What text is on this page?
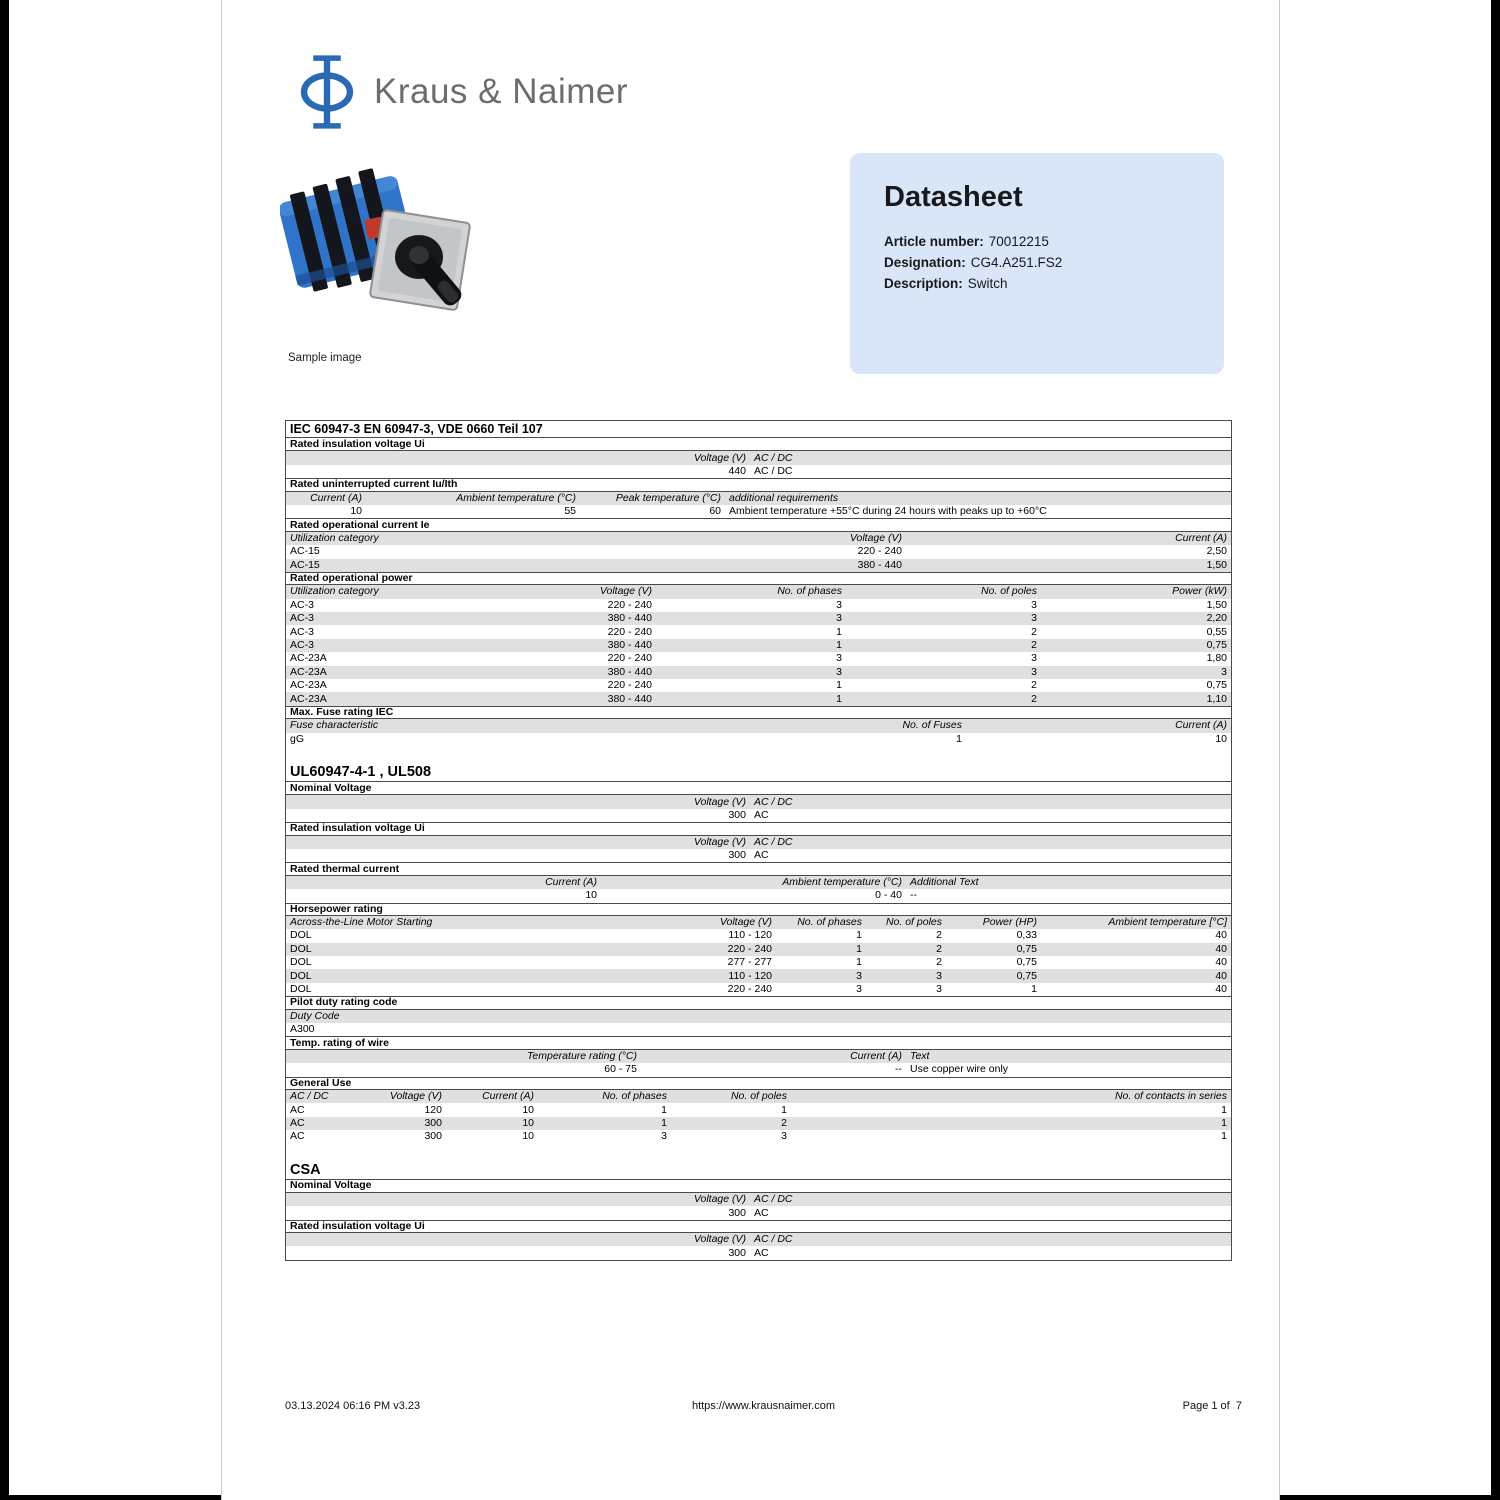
Kraus & Naimer
Sample image
Datasheet
Article number: 70012215
Designation: CG4.A251.FS2
Description: Switch
IEC 60947-3 EN 60947-3, VDE 0660 Teil 107
Rated insulation voltage Ui
Voltage (V) AC / DC
440 AC / DC
Rated uninterrupted current Iu/Ith
Current (A)	Ambient temperature (°C)	Peak temperature (°C) additional requirements
10	55	60 Ambient temperature +55°C during 24 hours with peaks up to +60°C
Rated operational current Ie
Utilization category	Voltage (V)	Current (A)
AC-15	220 - 240	2,50
AC-15	380 - 440	1,50
Rated operational power
Utilization category	Voltage (V)	No. of phases	No. of poles	Power (kW)
AC-3	220 - 240	3	3	1,50
AC-3	380 - 440	3	3	2,20
AC-3	220 - 240	1	2	0,55
AC-3	380 - 440	1	2	0,75
AC-23A	220 - 240	3	3	1,80
AC-23A	380 - 440	3	3	3
AC-23A	220 - 240	1	2	0,75
AC-23A	380 - 440	1	2	1,10
Max. Fuse rating IEC
Fuse characteristic	No. of Fuses	Current (A)
gG	1	10
UL60947-4-1 , UL508
Nominal Voltage
Voltage (V) AC / DC
300 AC
Rated insulation voltage Ui
Voltage (V) AC / DC
300 AC
Rated thermal current
Current (A)	Ambient temperature (°C) Additional Text
10	0 - 40 --
Horsepower rating
Across-the-Line Motor Starting	Voltage (V)	No. of phases	No. of poles	Power (HP)	Ambient temperature [°C]
DOL	110 - 120	1	2	0,33	40
DOL	220 - 240	1	2	0,75	40
DOL	277 - 277	1	2	0,75	40
DOL	110 - 120	3	3	0,75	40
DOL	220 - 240	3	3	1	40
Pilot duty rating code
Duty Code
A300
Temp. rating of wire
Temperature rating (°C)	Current (A) Text
60 - 75	-- Use copper wire only
General Use
AC / DC	Voltage (V)	Current (A)	No. of phases	No. of poles	No. of contacts in series
AC	120	10	1	1	1
AC	300	10	1	2	1
AC	300	10	3	3	1
CSA
Nominal Voltage
Voltage (V) AC / DC
300 AC
Rated insulation voltage Ui
Voltage (V) AC / DC
300 AC
03.13.2024 06:16 PM v3.23	https://www.krausnaimer.com	Page 1 of  7
